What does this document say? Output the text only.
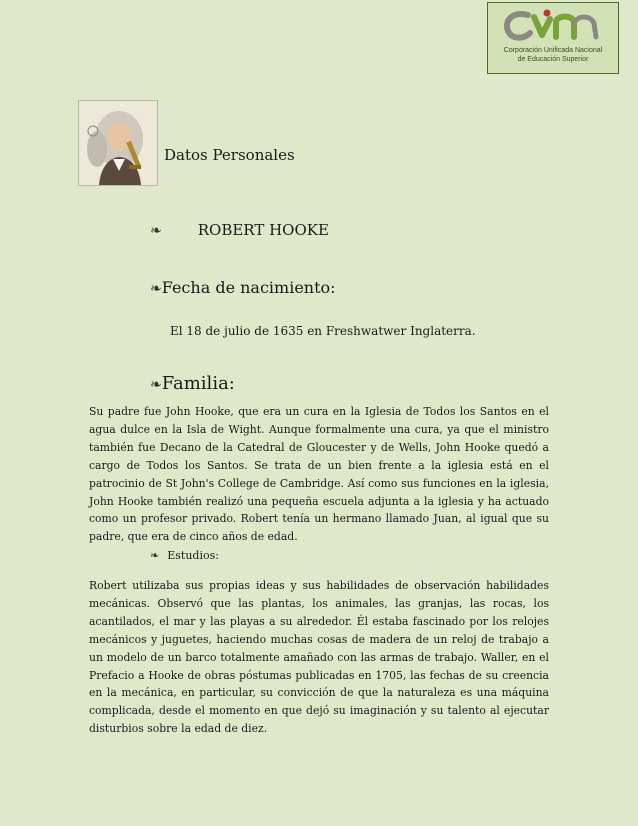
Corporación Unificada Nacional
de Educación Superior
Datos Personales
❧ ROBERT HOOKE
❧ Fecha de nacimiento:
El 18 de julio de 1635 en Freshwatwer Inglaterra.
❧ Familia:

Su padre fue John Hooke, que era un cura en la Iglesia de Todos los Santos en el agua dulce en la Isla de Wight. Aunque formalmente una cura, ya que el ministro también fue Decano de la Catedral de Gloucester y de Wells, John Hooke quedó a cargo de Todos los Santos. Se trata de un bien frente a la iglesia está en el patrocinio de St John's College de Cambridge. Así como sus funciones en la iglesia, John Hooke también realizó una pequeña escuela adjunta a la iglesia y ha actuado como un profesor privado. Robert tenía un hermano llamado Juan, al igual que su padre, que era de cinco años de edad.

❧ Estudios:

Robert utilizaba sus propias ideas y sus habilidades de observación habilidades mecánicas. Observó que las plantas, los animales, las granjas, las rocas, los acantilados, el mar y las playas a su alrededor. Él estaba fascinado por los relojes mecánicos y juguetes, haciendo muchas cosas de madera de un reloj de trabajo a un modelo de un barco totalmente amañado con las armas de trabajo. Waller, en el Prefacio a Hooke de obras póstumas publicadas en 1705, las fechas de su creencia en la mecánica, en particular, su convicción de que la naturaleza es una máquina complicada, desde el momento en que dejó su imaginación y su talento al ejecutar disturbios sobre la edad de diez.
